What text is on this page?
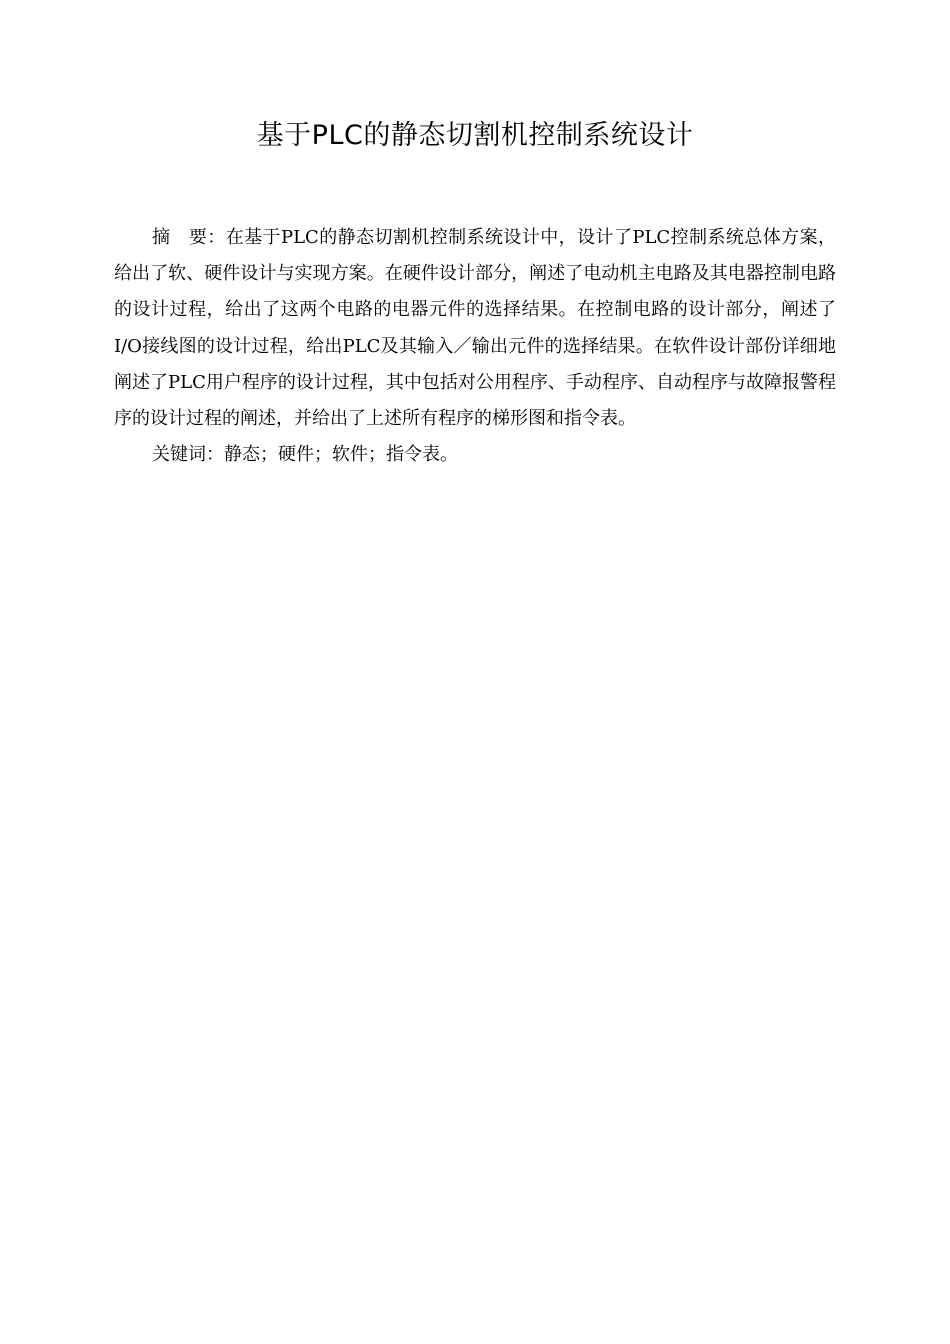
基于PLC的静态切割机控制系统设计

摘　要：在基于PLC的静态切割机控制系统设计中，设计了PLC控制系统总体方案，给出了软、硬件设计与实现方案。在硬件设计部分，阐述了电动机主电路及其电器控制电路的设计过程，给出了这两个电路的电器元件的选择结果。在控制电路的设计部分，阐述了I/O接线图的设计过程，给出PLC及其输入／输出元件的选择结果。在软件设计部份详细地阐述了PLC用户程序的设计过程，其中包括对公用程序、手动程序、自动程序与故障报警程序的设计过程的阐述，并给出了上述所有程序的梯形图和指令表。

关键词：静态；硬件；软件；指令表。
